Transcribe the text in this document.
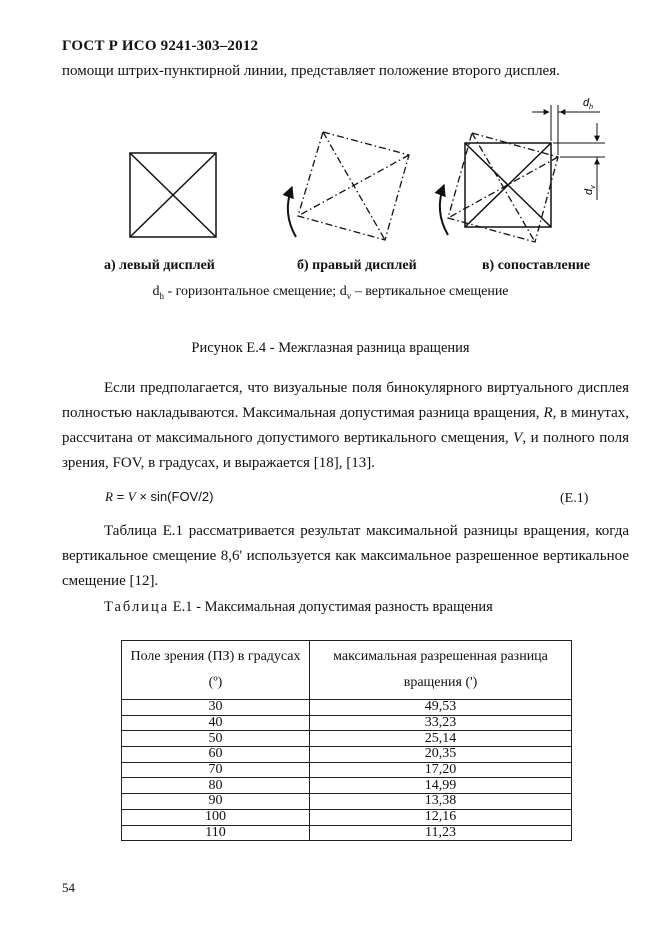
ГОСТ Р ИСО 9241-303–2012
помощи штрих-пунктирной линии, представляет положение второго дисплея.
$d_h$
$d_v$
а) левый дисплей	б) правый дисплей	в) сопоставление
$d_h$ - горизонтальное смещение; $d_v$ – вертикальное смещение
Рисунок Е.4 - Межглазная разница вращения
Если предполагается, что визуальные поля бинокулярного виртуального дисплея полностью накладываются. Максимальная допустимая разница вращения, R, в минутах, рассчитана от максимального допустимого вертикального смещения, V, и полного поля зрения, FOV, в градусах, и выражается [18], [13].
R = V × sin(FOV/2)	(Е.1)
Таблица Е.1 рассматривается результат максимальной разницы вращения, когда вертикальное смещение 8,6' используется как максимальное разрешенное вертикальное смещение [12].
Таблица Е.1 - Максимальная допустимая разность вращения
Поле зрения (ПЗ) в градусах (º)	максимальная разрешенная разница вращения (')
30	49,53
40	33,23
50	25,14
60	20,35
70	17,20
80	14,99
90	13,38
100	12,16
110	11,23
54
